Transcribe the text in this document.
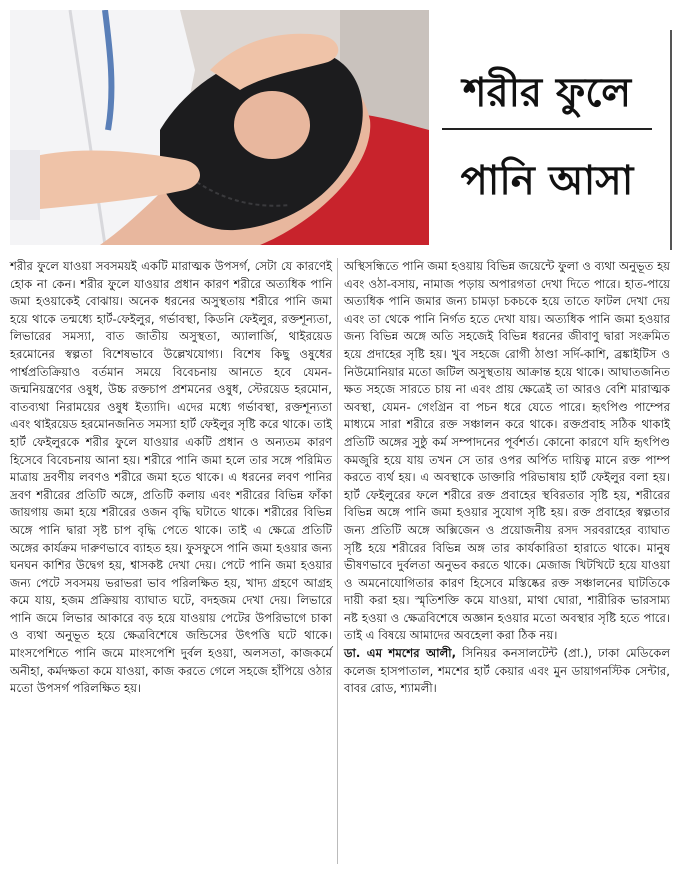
শরীর ফুলে
পানি আসা

শরীর ফুলে যাওয়া সবসময়ই একটি মারাত্মক উপসর্গ, সেটা যে কারণেই হোক না কেন। শরীর ফুলে যাওয়ার প্রধান কারণ শরীরে অত্যধিক পানি জমা হওয়াকেই বোঝায়। অনেক ধরনের অসুস্থতায় শরীরে পানি জমা হয়ে থাকে তন্মধ্যে হার্ট-ফেইলুর, গর্ভাবস্থা, কিডনি ফেইলুর, রক্তশূন্যতা, লিভারের সমস্যা, বাত জাতীয় অসুস্থতা, অ্যালার্জি, থাইরয়েড হরমোনের স্বল্পতা বিশেষভাবে উল্লেখযোগ্য। বিশেষ কিছু ওষুধের পার্শ্বপ্রতিক্রিয়াও বর্তমান সময়ে বিবেচনায় আনতে হবে যেমন- জন্মনিয়ন্ত্রণের ওষুধ, উচ্চ রক্তচাপ প্রশমনের ওষুধ, স্টেরয়েড হরমোন, বাতব্যথা নিরাময়ের ওষুধ ইত্যাদি। এদের মধ্যে গর্ভাবস্থা, রক্তশূন্যতা এবং থাইরয়েড হরমোনজনিত সমস্যা হার্ট ফেইলুর সৃষ্টি করে থাকে। তাই হার্ট ফেইলুরকে শরীর ফুলে যাওয়ার একটি প্রধান ও অন্যতম কারণ হিসেবে বিবেচনায় আনা হয়। শরীরে পানি জমা হলে তার সঙ্গে পরিমিত মাত্রায় দ্রবণীয় লবণও শরীরে জমা হতে থাকে। এ ধরনের লবণ পানির দ্রবণ শরীরের প্রতিটি অঙ্গে, প্রতিটি কলায় এবং শরীরের বিভিন্ন ফাঁকা জায়গায় জমা হয়ে শরীরের ওজন বৃদ্ধি ঘটাতে থাকে। শরীরের বিভিন্ন অঙ্গে পানি দ্বারা সৃষ্ট চাপ বৃদ্ধি পেতে থাকে। তাই এ ক্ষেত্রে প্রতিটি অঙ্গের কার্যক্রম দারুণভাবে ব্যাহত হয়। ফুসফুসে পানি জমা হওয়ার জন্য ঘনঘন কাশির উদ্বেগ হয়, শ্বাসকষ্ট দেখা দেয়। পেটে পানি জমা হওয়ার জন্য পেটে সবসময় ভরাভরা ভাব পরিলক্ষিত হয়, খাদ্য গ্রহণে আগ্রহ কমে যায়, হজম প্রক্রিয়ায় ব্যাঘাত ঘটে, বদহজম দেখা দেয়। লিভারে পানি জমে লিভার আকারে বড় হয়ে যাওয়ায় পেটের উপরিভাগে চাকা ও ব্যথা অনুভূত হয়ে ক্ষেত্রবিশেষে জন্ডিসের উৎপত্তি ঘটে থাকে। মাংসপেশিতে পানি জমে মাংসপেশি দুর্বল হওয়া, অলসতা, কাজকর্মে অনীহা, কর্মদক্ষতা কমে যাওয়া, কাজ করতে গেলে সহজে হাঁপিয়ে ওঠার মতো উপসর্গ পরিলক্ষিত হয়।

অস্থিসন্ধিতে পানি জমা হওয়ায় বিভিন্ন জয়েন্টে ফুলা ও ব্যথা অনুভূত হয় এবং ওঠা-বসায়, নামাজ পড়ায় অপারগতা দেখা দিতে পারে। হাত-পায়ে অত্যধিক পানি জমার জন্য চামড়া চকচকে হয়ে তাতে ফাটল দেখা দেয় এবং তা থেকে পানি নির্গত হতে দেখা যায়। অত্যধিক পানি জমা হওয়ার জন্য বিভিন্ন অঙ্গে অতি সহজেই বিভিন্ন ধরনের জীবাণু দ্বারা সংক্রমিত হয়ে প্রদাহের সৃষ্টি হয়। খুব সহজে রোগী ঠাণ্ডা সর্দি-কাশি, ব্রঙ্কাইটিস ও নিউমোনিয়ার মতো জটিল অসুস্থতায় আক্রান্ত হয়ে থাকে। আঘাতজনিত ক্ষত সহজে সারতে চায় না এবং প্রায় ক্ষেত্রেই তা আরও বেশি মারাত্মক অবস্থা, যেমন- গেংগ্রিন বা পচন ধরে যেতে পারে। হৃৎপিণ্ড পাম্পের মাধ্যমে সারা শরীরে রক্ত সঞ্চালন করে থাকে। রক্তপ্রবাহ সঠিক থাকাই প্রতিটি অঙ্গের সুষ্ঠু কর্ম সম্পাদনের পূর্বশর্ত। কোনো কারণে যদি হৃৎপিণ্ড কমজুরি হয়ে যায় তখন সে তার ওপর অর্পিত দায়িত্ব মানে রক্ত পাম্প করতে ব্যর্থ হয়। এ অবস্থাকে ডাক্তারি পরিভাষায় হার্ট ফেইলুর বলা হয়। হার্ট ফেইলুরের ফলে শরীরে রক্ত প্রবাহের স্থবিরতার সৃষ্টি হয়, শরীরের বিভিন্ন অঙ্গে পানি জমা হওয়ার সুযোগ সৃষ্টি হয়। রক্ত প্রবাহের স্বল্পতার জন্য প্রতিটি অঙ্গে অক্সিজেন ও প্রয়োজনীয় রসদ সরবরাহের ব্যাঘাত সৃষ্টি হয়ে শরীরের বিভিন্ন অঙ্গ তার কার্যকারিতা হারাতে থাকে। মানুষ ভীষণভাবে দুর্বলতা অনুভব করতে থাকে। মেজাজ খিটখিটে হয়ে যাওয়া ও অমনোযোগিতার কারণ হিসেবে মস্তিষ্কের রক্ত সঞ্চালনের ঘাটতিকে দায়ী করা হয়। স্মৃতিশক্তি কমে যাওয়া, মাথা ঘোরা, শারীরিক ভারসাম্য নষ্ট হওয়া ও ক্ষেত্রবিশেষে অজ্ঞান হওয়ার মতো অবস্থার সৃষ্টি হতে পারে। তাই এ বিষয়ে আমাদের অবহেলা করা ঠিক নয়।

ডা. এম শমশের আলী, সিনিয়র কনসালটেন্ট (প্রা.), ঢাকা মেডিকেল কলেজ হাসপাতাল, শমশের হার্ট কেয়ার এবং মুন ডায়াগনস্টিক সেন্টার, বাবর রোড, শ্যামলী।
